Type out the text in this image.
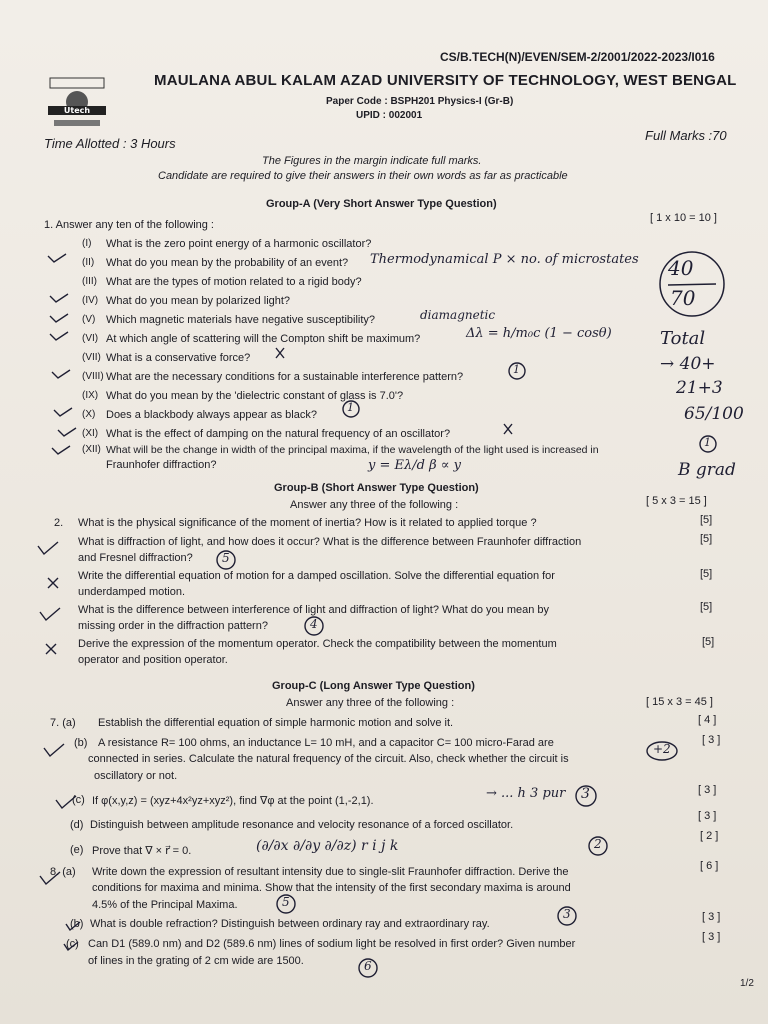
CS/B.TECH(N)/EVEN/SEM-2/2001/2022-2023/I016
Utech
MAULANA ABUL KALAM AZAD UNIVERSITY OF TECHNOLOGY, WEST BENGAL
Paper Code : BSPH201 Physics-I (Gr-B)
UPID : 002001
Time Allotted : 3 Hours
Full Marks :70
The Figures in the margin indicate full marks.
Candidate are required to give their answers in their own words as far as practicable
Group-A (Very Short Answer Type Question)
1. Answer any ten of the following :
[ 1 x 10 = 10 ]
(I) What is the zero point energy of a harmonic oscillator?
(II) What do you mean by the probability of an event?
(III) What are the types of motion related to a rigid body?
(IV) What do you mean by polarized light?
(V) Which magnetic materials have negative susceptibility?
(VI) At which angle of scattering will the Compton shift be maximum?
(VII) What is a conservative force?
(VIII) What are the necessary conditions for a sustainable interference pattern?
(IX) What do you mean by the 'dielectric constant of glass is 7.0'?
(X) Does a blackbody always appear as black?
(XI) What is the effect of damping on the natural frequency of an oscillator?
(XII) What will be the change in width of the principal maxima, if the wavelength of the light used is increased in
Fraunhofer diffraction?
Group-B (Short Answer Type Question)
Answer any three of the following :	[ 5 x 3 = 15 ]
2. What is the physical significance of the moment of inertia? How is it related to applied torque ?	[5]
What is diffraction of light, and how does it occur? What is the difference between Fraunhofer diffraction
and Fresnel diffraction?
[5]
Write the differential equation of motion for a damped oscillation. Solve the differential equation for
underdamped motion.
[5]
What is the difference between interference of light and diffraction of light? What do you mean by
missing order in the diffraction pattern?
[5]
Derive the expression of the momentum operator. Check the compatibility between the momentum
operator and position operator.
[5]
Group-C (Long Answer Type Question)
Answer any three of the following :	[ 15 x 3 = 45 ]
7. (a) Establish the differential equation of simple harmonic motion and solve it.	[ 4 ]
(b) A resistance R= 100 ohms, an inductance L= 10 mH, and a capacitor C= 100 micro-Farad are
connected in series. Calculate the natural frequency of the circuit. Also, check whether the circuit is
oscillatory or not.
[ 3 ]
(c) If φ(x,y,z) = (xyz+4x²yz+xyz²), find ∇φ at the point (1,-2,1).
[ 3 ]
(d) Distinguish between amplitude resonance and velocity resonance of a forced oscillator.
[ 3 ]
(e) Prove that ∇ × r⃗ = 0.
[ 2 ]
8. (a) Write down the expression of resultant intensity due to single-slit Fraunhofer diffraction. Derive the
conditions for maxima and minima. Show that the intensity of the first secondary maxima is around
4.5% of the Principal Maxima.
[ 6 ]
(b) What is double refraction? Distinguish between ordinary ray and extraordinary ray.
[ 3 ]
(c) Can D1 (589.0 nm) and D2 (589.6 nm) lines of sodium light be resolved in first order? Given number
of lines in the grating of 2 cm wide are 1500.
[ 3 ]
1/2
Thermodynamical P × no. of microstates
diamagnetic
Δλ = h/m₀c (1 − cosθ)
y = Eλ/d β ∝ y
→ ... h 3 pur
(∂/∂x ∂/∂y ∂/∂z) r i j k
40
70
Total
→ 40+
21+3
65/100
B grad
1
1
1
5
4
+2
3
2
5
3
6
